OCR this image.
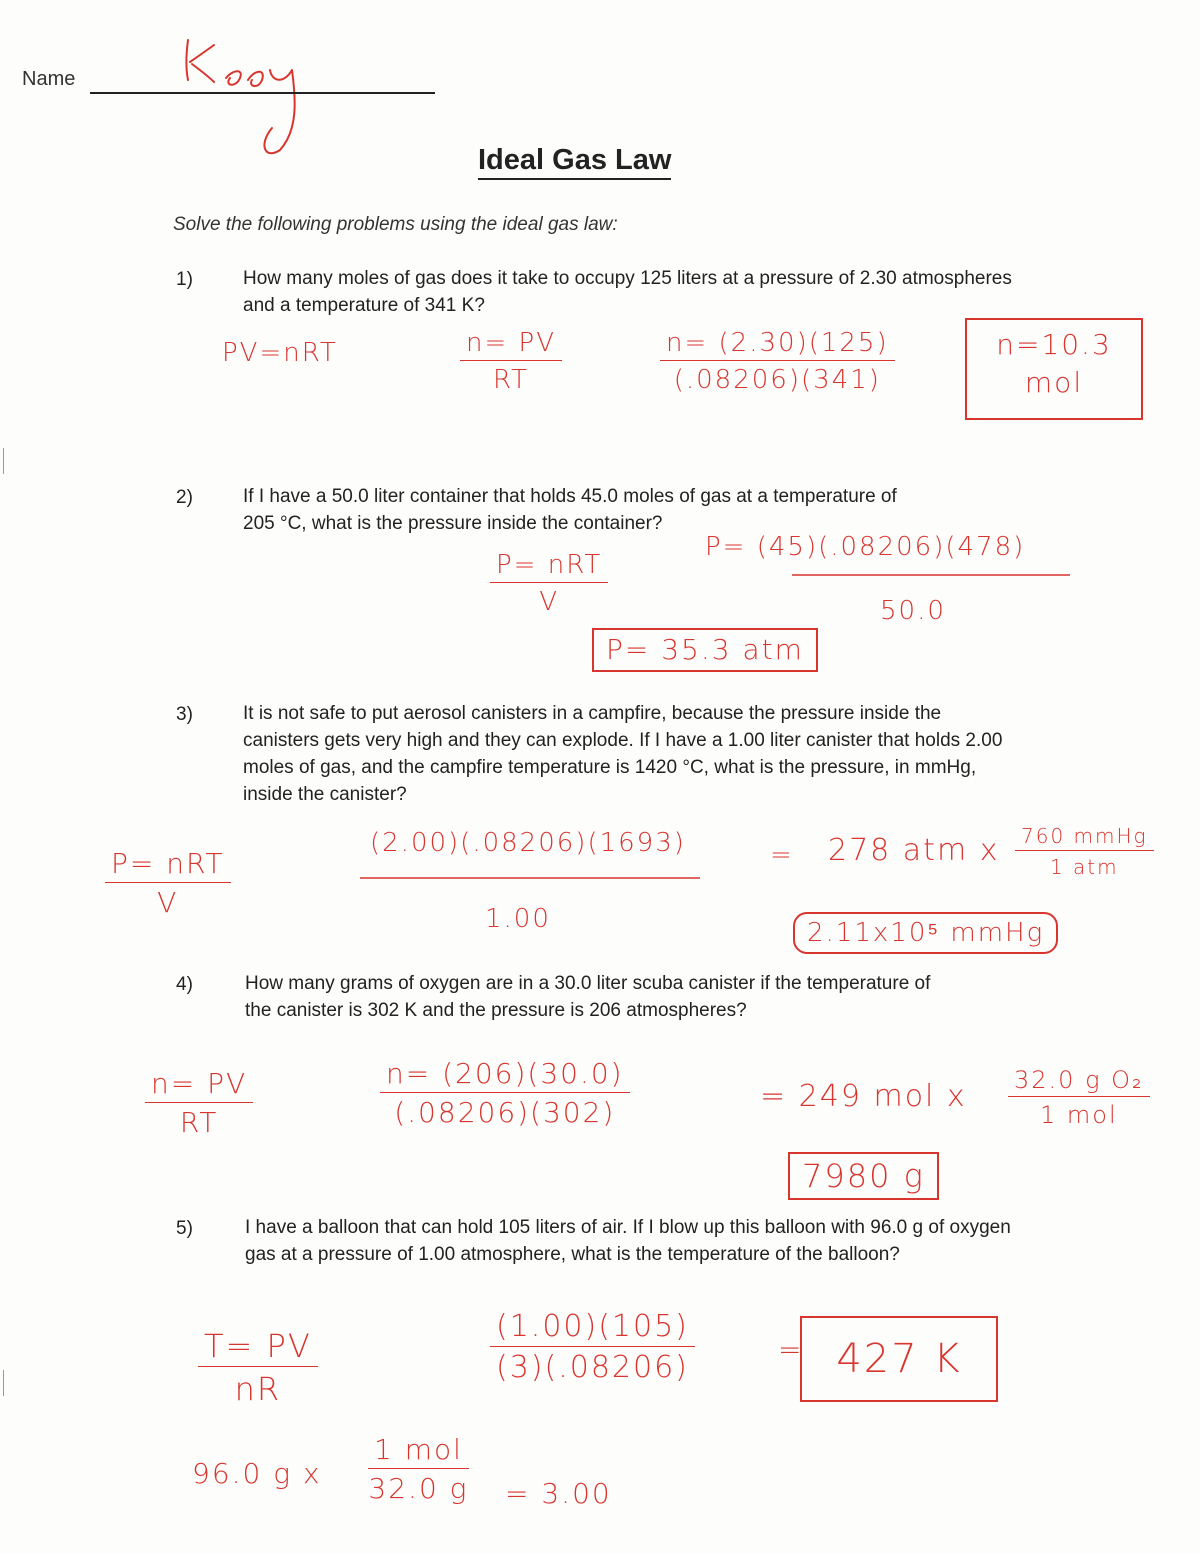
Name
Ideal Gas Law
Solve the following problems using the ideal gas law:
1)	How many moles of gas does it take to occupy 125 liters at a pressure of 2.30 atmospheres and a temperature of 341 K?
PV=nRT	$\frac{n= PV}{RT}$	$\frac{n= (2.30)(125)}{(.08206)(341)}$	n=10.3
mol
2)	If I have a 50.0 liter container that holds 45.0 moles of gas at a temperature of 205 °C, what is the pressure inside the container?
P= nRT
V
P= (45)(.08206)(478)
50.0
P= 35.3 atm
3)	It is not safe to put aerosol canisters in a campfire, because the pressure inside the canisters gets very high and they can explode. If I have a 1.00 liter canister that holds 2.00 moles of gas, and the campfire temperature is 1420 °C, what is the pressure, in mmHg, inside the canister?
P= nRT
V
(2.00)(.08206)(1693)
1.00
= 278 atm x	760 mmHg
1 atm
2.11x10⁵ mmHg
4)	How many grams of oxygen are in a 30.0 liter scuba canister if the temperature of the canister is 302 K and the pressure is 206 atmospheres?
$\frac{n= PV}{RT}$	$\frac{n= (206)(30.0)}{(.08206)(302)}$	= 249 mol x 32.0 g O₂
1 mol
7980 g
5)	I have a balloon that can hold 105 liters of air. If I blow up this balloon with 96.0 g of oxygen gas at a pressure of 1.00 atmosphere, what is the temperature of the balloon?
$\frac{T= PV}{nR}$	$\frac{(1.00)(105)}{(3)(.08206)}$	= 427 K
96.0 g x
1 mol
32.0 g = 3.00
